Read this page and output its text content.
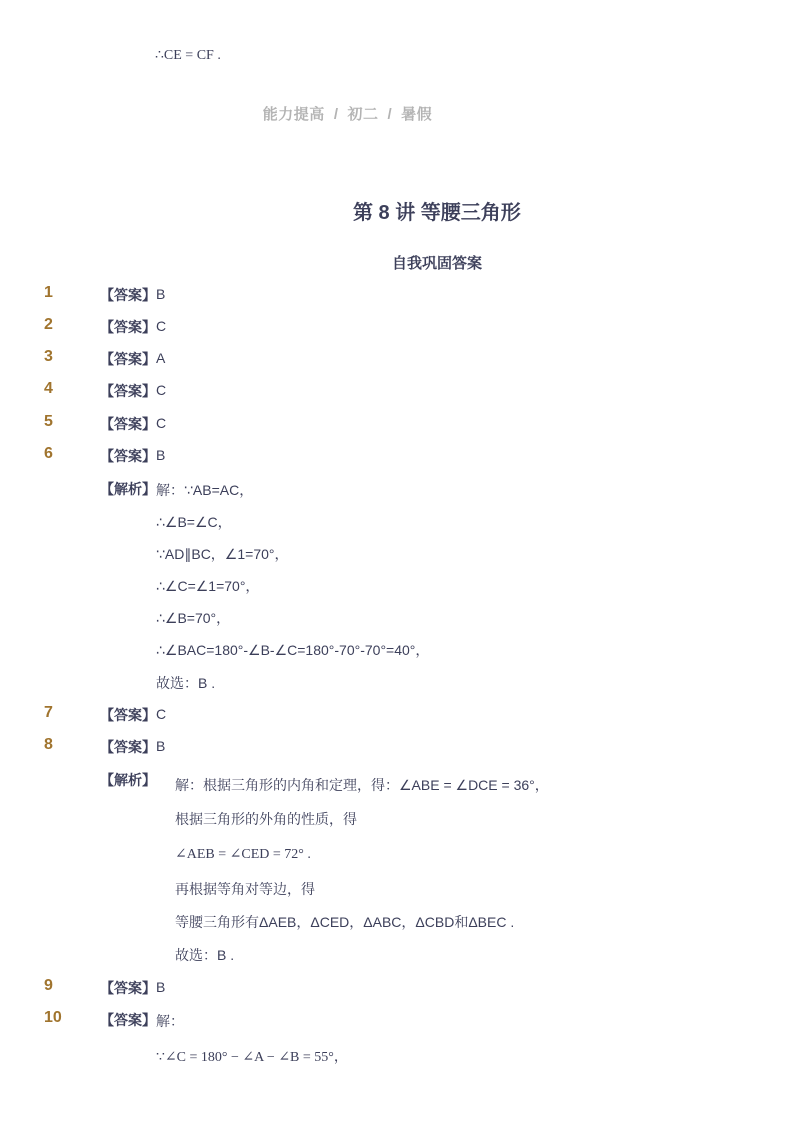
∴CE = CF .
能力提高 / 初二 / 暑假
第 8 讲 等腰三角形
自我巩固答案
1	【答案】 B
2	【答案】 C
3	【答案】 A
4	【答案】 C
5	【答案】 C
6	【答案】 B
【解析】 解：∵AB=AC，
∴∠B=∠C，
∵AD∥BC，∠1=70°，
∴∠C=∠1=70°，
∴∠B=70°，
∴∠BAC=180°-∠B-∠C=180°-70°-70°=40°，
故选：B .
7	【答案】 C
8	【答案】 B
【解析】 解：根据三角形的内角和定理，得：∠ABE = ∠DCE = 36°，
根据三角形的外角的性质，得
∠AEB = ∠CED = 72° .
再根据等角对等边，得
等腰三角形有ΔAEB，ΔCED，ΔABC，ΔCBD和ΔBEC .
故选：B .
9	【答案】 B
10	【答案】 解：
∵∠C = 180° − ∠A − ∠B = 55°，
